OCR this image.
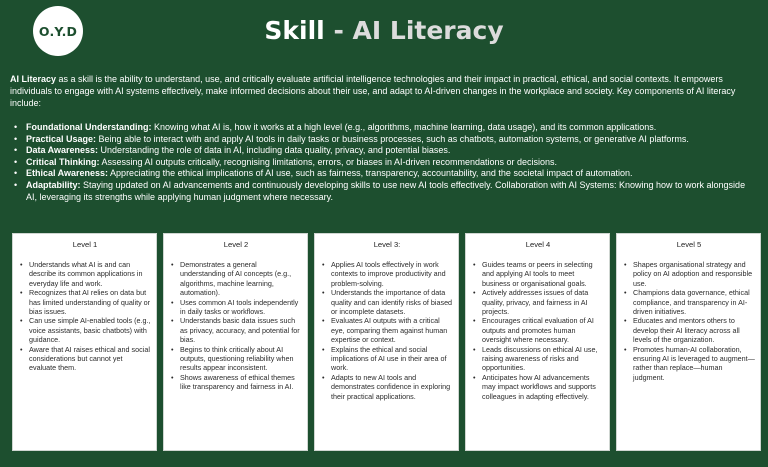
O.Y.D	Skill - AI Literacy

AI Literacy as a skill is the ability to understand, use, and critically evaluate artificial intelligence technologies and their impact in practical, ethical, and social contexts. It empowers individuals to engage with AI systems effectively, make informed decisions about their use, and adapt to AI-driven changes in the workplace and society. Key components of AI literacy include:

• Foundational Understanding: Knowing what AI is, how it works at a high level (e.g., algorithms, machine learning, data usage), and its common applications.
• Practical Usage: Being able to interact with and apply AI tools in daily tasks or business processes, such as chatbots, automation systems, or generative AI platforms.
• Data Awareness: Understanding the role of data in AI, including data quality, privacy, and potential biases.
• Critical Thinking: Assessing AI outputs critically, recognising limitations, errors, or biases in AI-driven recommendations or decisions.
• Ethical Awareness: Appreciating the ethical implications of AI use, such as fairness, transparency, accountability, and the societal impact of automation.
• Adaptability: Staying updated on AI advancements and continuously developing skills to use new AI tools effectively. Collaboration with AI Systems: Knowing how to work alongside AI, leveraging its strengths while applying human judgment where necessary.
Level 1
• Understands what AI is and can describe its common applications in everyday life and work.
• Recognizes that AI relies on data but has limited understanding of quality or bias issues.
• Can use simple AI-enabled tools (e.g., voice assistants, basic chatbots) with guidance.
• Aware that AI raises ethical and social considerations but cannot yet evaluate them.
Level 2
• Demonstrates a general understanding of AI concepts (e.g., algorithms, machine learning, automation).
• Uses common AI tools independently in daily tasks or workflows.
• Understands basic data issues such as privacy, accuracy, and potential for bias.
• Begins to think critically about AI outputs, questioning reliability when results appear inconsistent.
• Shows awareness of ethical themes like transparency and fairness in AI.
Level 3:
• Applies AI tools effectively in work contexts to improve productivity and problem-solving.
• Understands the importance of data quality and can identify risks of biased or incomplete datasets.
• Evaluates AI outputs with a critical eye, comparing them against human expertise or context.
• Explains the ethical and social implications of AI use in their area of work.
• Adapts to new AI tools and demonstrates confidence in exploring their practical applications.
Level 4
• Guides teams or peers in selecting and applying AI tools to meet business or organisational goals.
• Actively addresses issues of data quality, privacy, and fairness in AI projects.
• Encourages critical evaluation of AI outputs and promotes human oversight where necessary.
• Leads discussions on ethical AI use, raising awareness of risks and opportunities.
• Anticipates how AI advancements may impact workflows and supports colleagues in adapting effectively.
Level 5
• Shapes organisational strategy and policy on AI adoption and responsible use.
• Champions data governance, ethical compliance, and transparency in AI-driven initiatives.
• Educates and mentors others to develop their AI literacy across all levels of the organization.
• Promotes human-AI collaboration, ensuring AI is leveraged to augment—rather than replace—human judgment.
